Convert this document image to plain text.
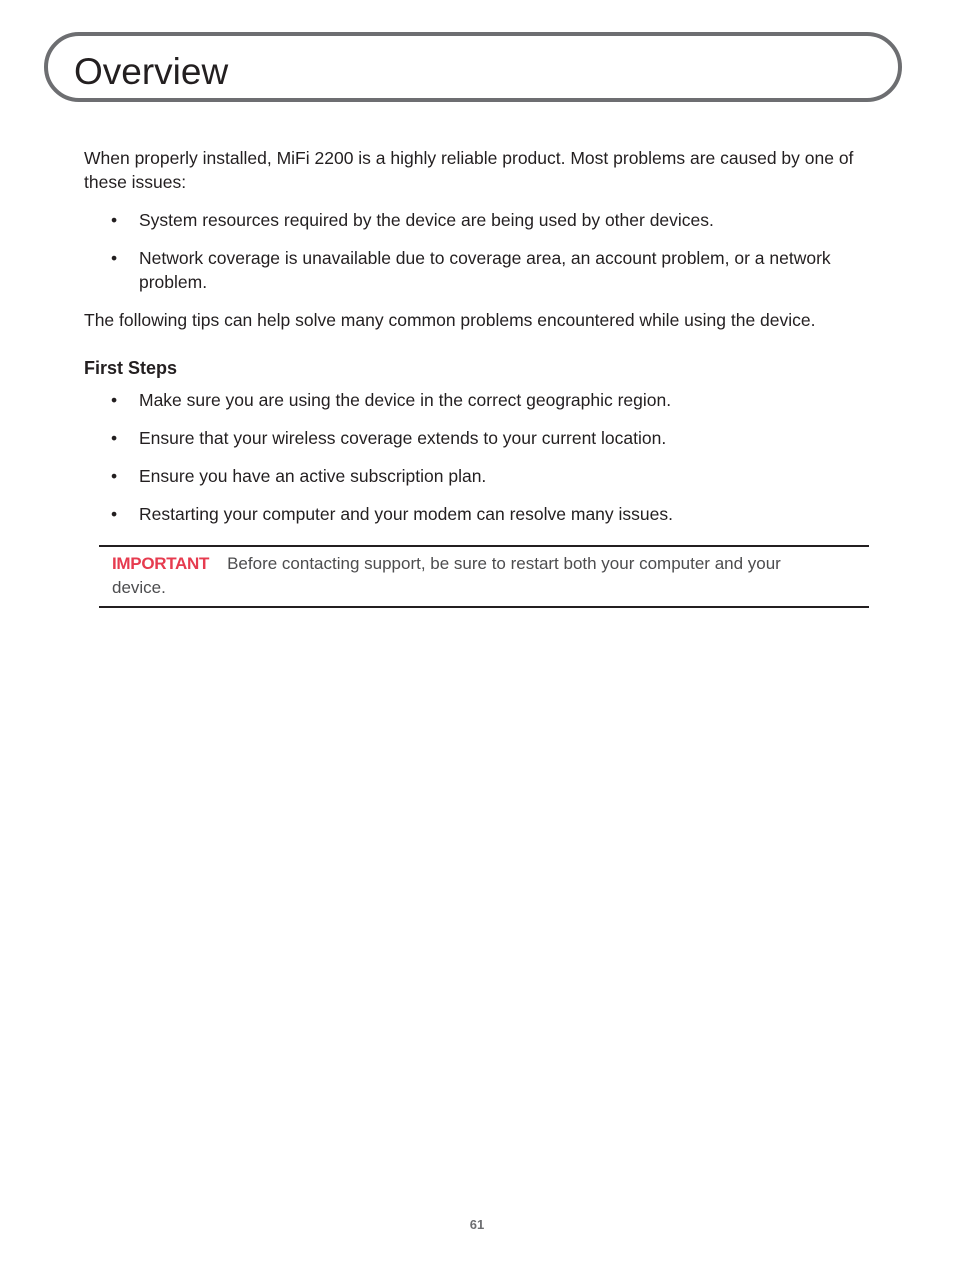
Overview

When properly installed, MiFi 2200 is a highly reliable product. Most problems are caused by one of these issues:

• System resources required by the device are being used by other devices.
• Network coverage is unavailable due to coverage area, an account problem, or a network problem.

The following tips can help solve many common problems encountered while using the device.

First Steps
• Make sure you are using the device in the correct geographic region.
• Ensure that your wireless coverage extends to your current location.
• Ensure you have an active subscription plan.
• Restarting your computer and your modem can resolve many issues.
IMPORTANT Before contacting support, be sure to restart both your computer and your device.
61
